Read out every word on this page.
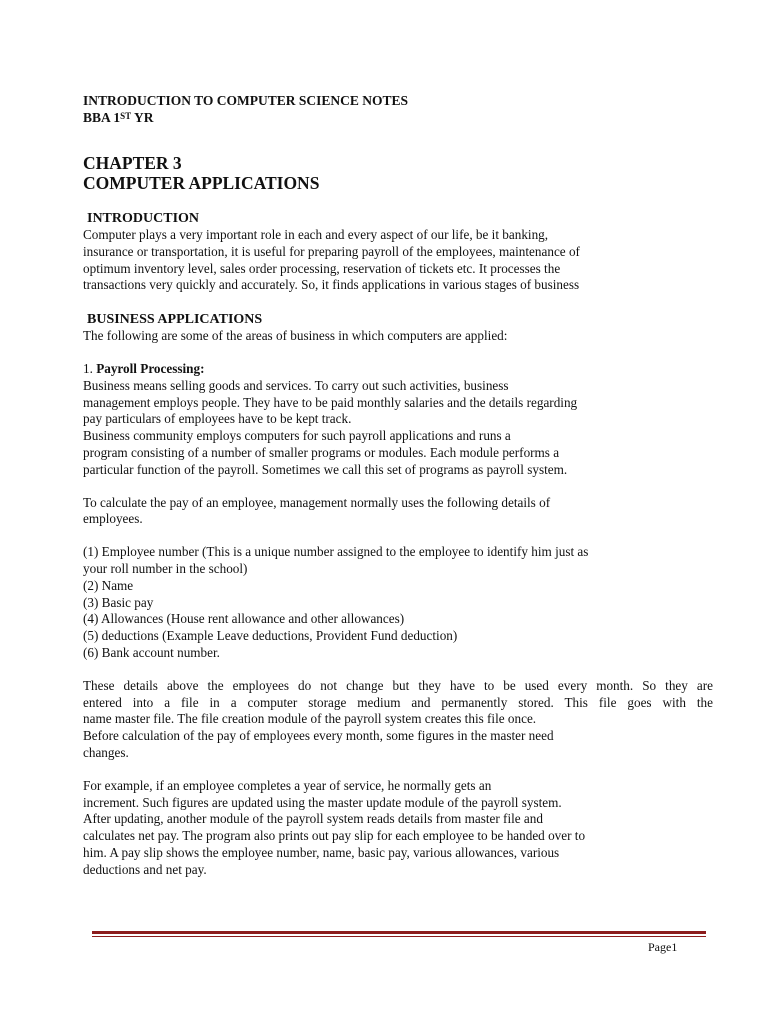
INTRODUCTION TO COMPUTER SCIENCE NOTES

BBA 1ST YR

CHAPTER 3

COMPUTER APPLICATIONS

INTRODUCTION

Computer plays a very important role in each and every aspect of our life, be it banking,

insurance or transportation, it is useful for preparing payroll of the employees, maintenance of

optimum inventory level, sales order processing, reservation of tickets etc. It processes the

transactions very quickly and accurately. So, it finds applications in various stages of business

BUSINESS APPLICATIONS

The following are some of the areas of business in which computers are applied:

1. Payroll Processing:

Business means selling goods and services. To carry out such activities, business

management employs people. They have to be paid monthly salaries and the details regarding

pay particulars of employees have to be kept track.

Business community employs computers for such payroll applications and runs a

program consisting of a number of smaller programs or modules. Each module performs a

particular function of the payroll. Sometimes we call this set of programs as payroll system.

To calculate the pay of an employee, management normally uses the following details of

employees.

(1) Employee number (This is a unique number assigned to the employee to identify him just as

your roll number in the school)

(2) Name

(3) Basic pay

(4) Allowances (House rent allowance and other allowances)

(5) deductions (Example Leave deductions, Provident Fund deduction)

(6) Bank account number.

These details above the employees do not change but they have to be used every month. So they are

entered into a file in a computer storage medium and permanently stored. This file goes with the

name master file. The file creation module of the payroll system creates this file once.

Before calculation of the pay of employees every month, some figures in the master need

changes.

For example, if an employee completes a year of service, he normally gets an

increment. Such figures are updated using the master update module of the payroll system.

After updating, another module of the payroll system reads details from master file and

calculates net pay. The program also prints out pay slip for each employee to be handed over to

him. A pay slip shows the employee number, name, basic pay, various allowances, various

deductions and net pay.

Page1
